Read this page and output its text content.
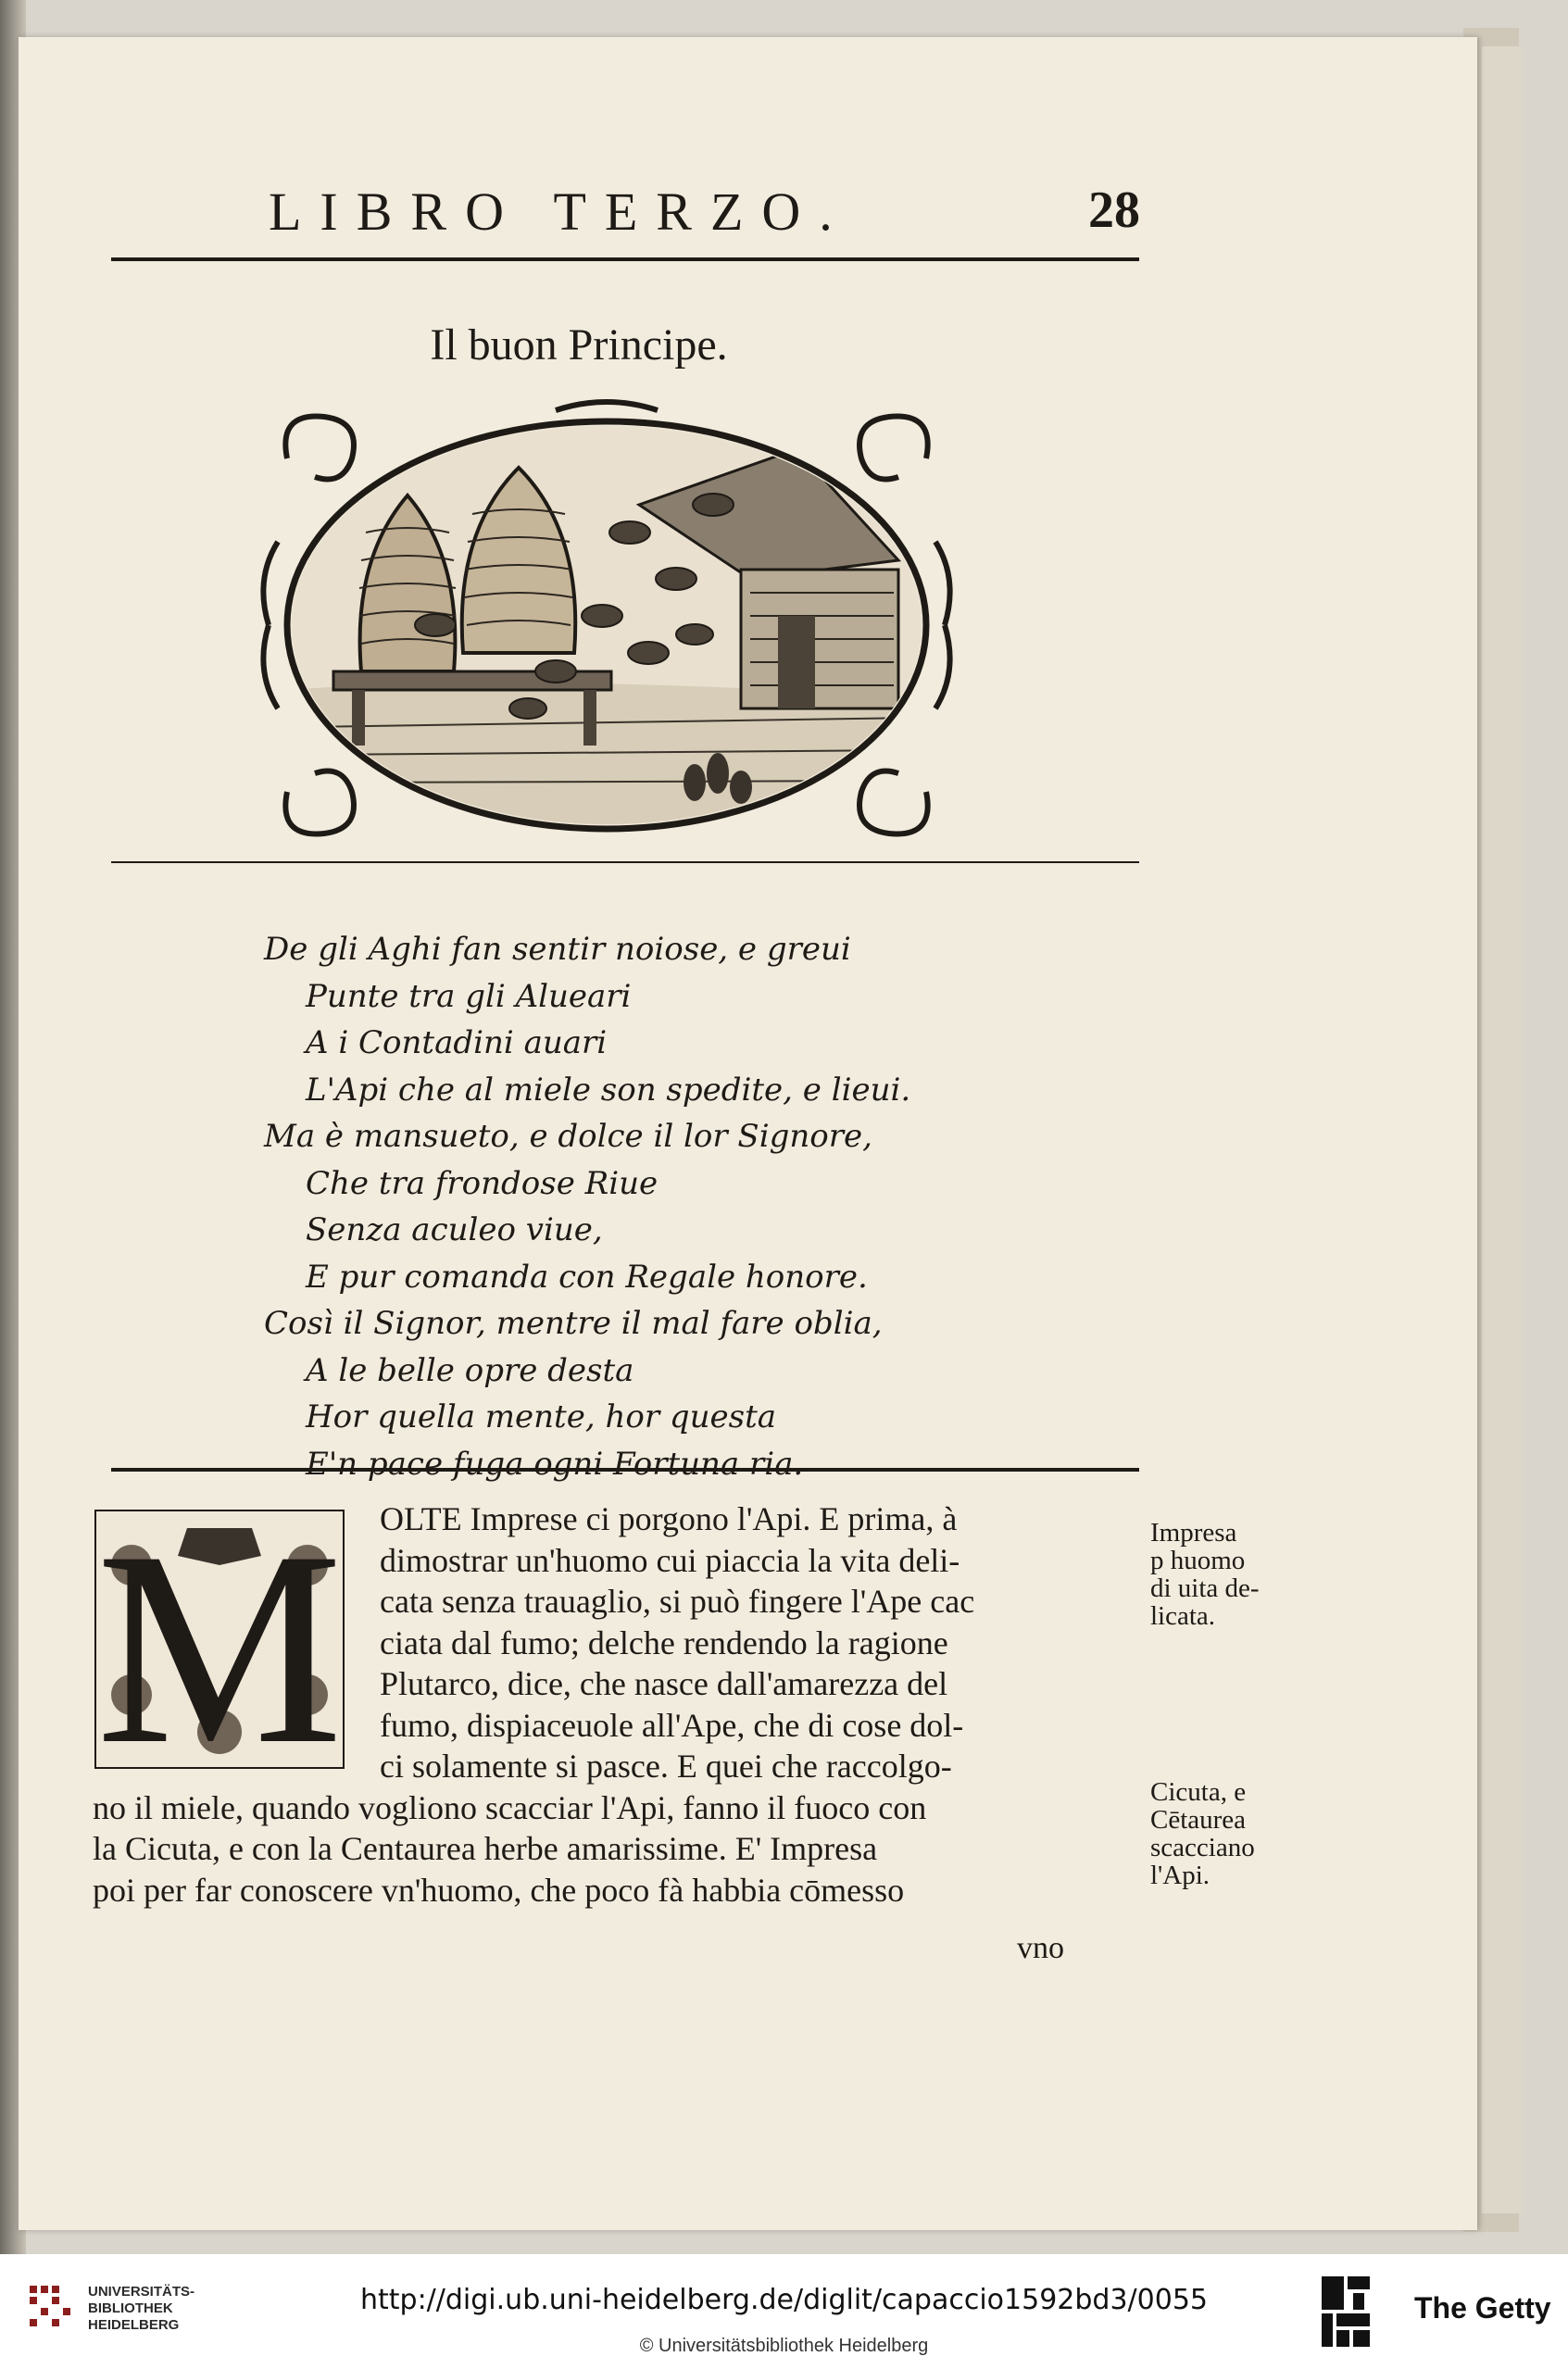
LIBRO TERZO.	28
Il buon Principe.
De gli Aghi fan sentir noiose, e greui
Punte tra gli Alueari
A i Contadini auari
L'Api che al miele son spedite, e lieui.
Ma è mansueto, e dolce il lor Signore,
Che tra frondose Riue
Senza aculeo viue,
E pur comanda con Regale honore.
Così il Signor, mentre il mal fare oblia,
A le belle opre desta
Hor quella mente, hor questa
E'n pace fuga ogni Fortuna ria.
M	OLTE Imprese ci porgono l'Api. E prima, à
dimostrar un'huomo cui piaccia la vita deli-
cata senza trauaglio, si può fingere l'Ape cac
ciata dal fumo; delche rendendo la ragione
Plutarco, dice, che nasce dall'amarezza del
fumo, dispiaceuole all'Ape, che di cose dol-
ci solamente si pasce. E quei che raccolgo-
no il miele, quando vogliono scacciar l'Api, fanno il fuoco con
la Cicuta, e con la Centaurea herbe amarissime. E' Impresa
poi per far conoscere vn'huomo, che poco fà habbia cōmesso
vno
Impresa
p huomo
di uita de-
licata.
Cicuta, e
Cētaurea
scacciano
l'Api.
UNIVERSITÄTS-
BIBLIOTHEK
HEIDELBERG
http://digi.ub.uni-heidelberg.de/diglit/capaccio1592bd3/0055
© Universitätsbibliothek Heidelberg
The Getty
